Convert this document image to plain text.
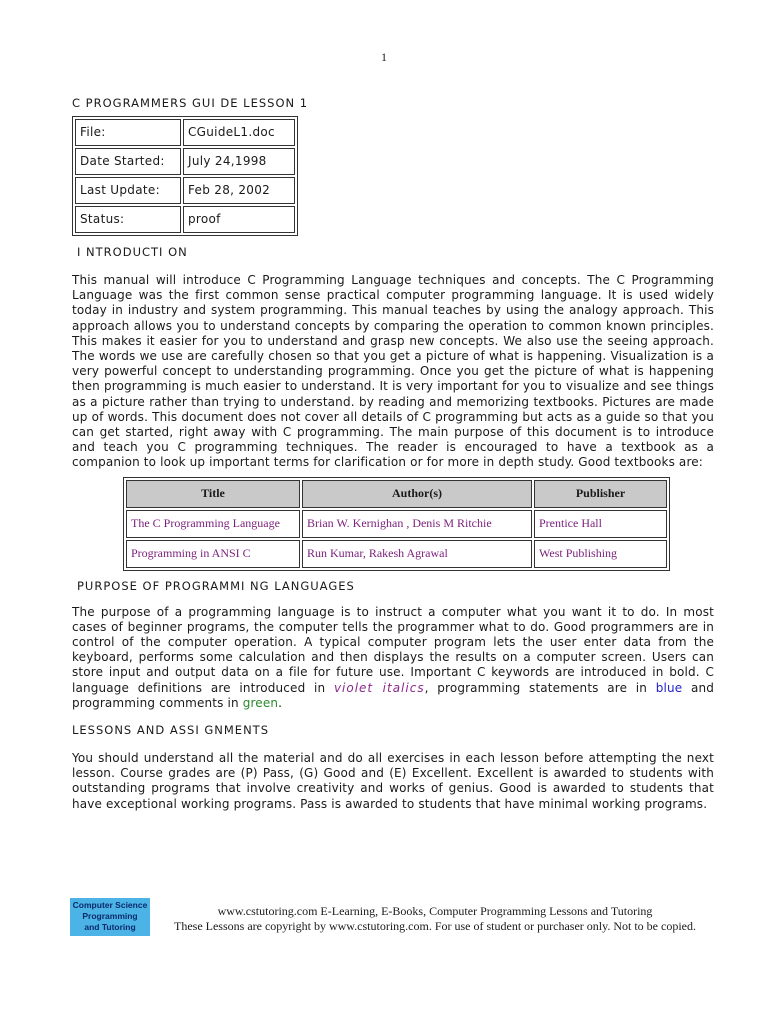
1

C PROGRAMMERS GUI DE LESSON 1

File:	CGuideL1.doc
Date Started:	July 24,1998
Last Update:	Feb 28, 2002
Status:	proof

I NTRODUCTI ON

This manual will introduce C Programming Language techniques and concepts. The C Programming Language was the first common sense practical computer programming language. It is used widely today in industry and system programming. This manual teaches by using the analogy approach. This approach allows you to understand concepts by comparing the operation to common known principles. This makes it easier for you to understand and grasp new concepts. We also use the seeing approach. The words we use are carefully chosen so that you get a picture of what is happening. Visualization is a very powerful concept to understanding programming. Once you get the picture of what is happening then programming is much easier to understand. It is very important for you to visualize and see things as a picture rather than trying to understand. by reading and memorizing textbooks. Pictures are made up of words. This document does not cover all details of C programming but acts as a guide so that you can get started, right away with C programming. The main purpose of this document is to introduce and teach you C programming techniques. The reader is encouraged to have a textbook as a companion to look up important terms for clarification or for more in depth study. Good textbooks are:

Title	Author(s)	Publisher
The C Programming Language	Brian W. Kernighan , Denis M Ritchie	Prentice Hall
Programming in ANSI C	Run Kumar, Rakesh Agrawal	West Publishing

PURPOSE OF PROGRAMMI NG LANGUAGES

The purpose of a programming language is to instruct a computer what you want it to do. In most cases of beginner programs, the computer tells the programmer what to do. Good programmers are in control of the computer operation. A typical computer program lets the user enter data from the keyboard, performs some calculation and then displays the results on a computer screen. Users can store input and output data on a file for future use. Important C keywords are introduced in bold. C language definitions are introduced in violet italics, programming statements are in blue and programming comments in green.

LESSONS AND ASSI GNMENTS

You should understand all the material and do all exercises in each lesson before attempting the next lesson. Course grades are (P) Pass, (G) Good and (E) Excellent. Excellent is awarded to students with outstanding programs that involve creativity and works of genius. Good is awarded to students that have exceptional working programs. Pass is awarded to students that have minimal working programs.

Computer Science
Programming
and Tutoring
www.cstutoring.com E-Learning, E-Books, Computer Programming Lessons and Tutoring
These Lessons are copyright by www.cstutoring.com. For use of student or purchaser only. Not to be copied.
